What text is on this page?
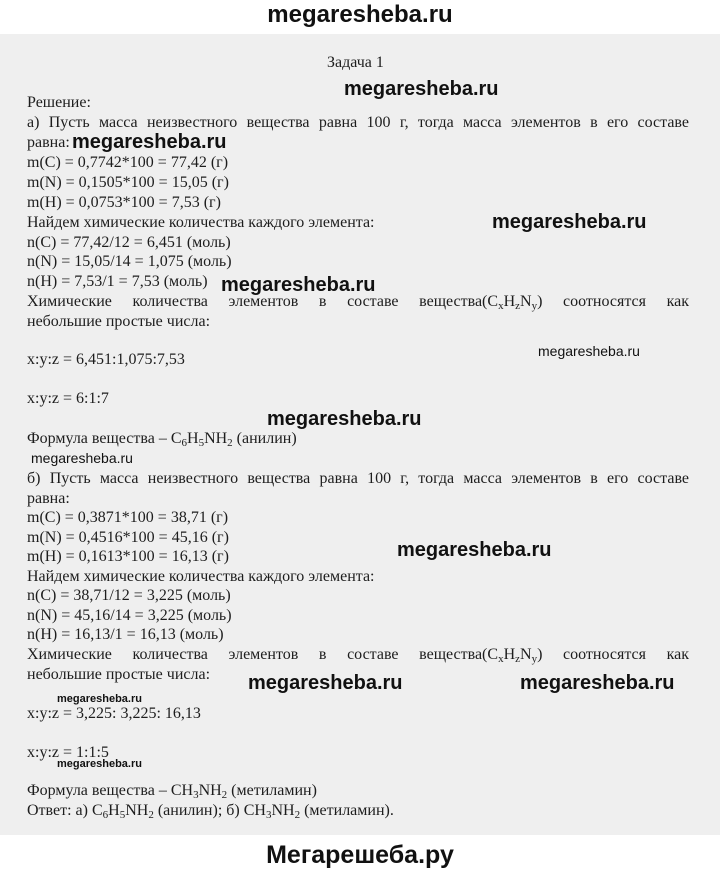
megaresheba.ru
Задача 1
Решение:
а) Пусть масса неизвестного вещества равна 100 г, тогда масса элементов в его составе
равна:
m(C) = 0,7742*100 = 77,42 (г)
m(N) = 0,1505*100 = 15,05 (г)
m(H) = 0,0753*100 = 7,53 (г)
Найдем химические количества каждого элемента:
n(C) = 77,42/12 = 6,451 (моль)
n(N) = 15,05/14 = 1,075 (моль)
n(H) = 7,53/1 = 7,53 (моль)
Химические количества элементов в составе $вещества(C_xH_zN_y)$ соотносятся как
небольшие простые числа:
x:y:z = 6,451:1,075:7,53
x:y:z = 6:1:7
Формула вещества – $C_6H_5NH_2$ (анилин)
б) Пусть масса неизвестного вещества равна 100 г, тогда масса элементов в его составе
равна:
m(C) = 0,3871*100 = 38,71 (г)
m(N) = 0,4516*100 = 45,16 (г)
m(H) = 0,1613*100 = 16,13 (г)
Найдем химические количества каждого элемента:
n(C) = 38,71/12 = 3,225 (моль)
n(N) = 45,16/14 = 3,225 (моль)
n(H) = 16,13/1 = 16,13 (моль)
Химические количества элементов в составе $вещества(C_xH_zN_y)$ соотносятся как
небольшие простые числа:
x:y:z = 3,225: 3,225: 16,13
x:y:z = 1:1:5
Формула вещества – $CH_3NH_2$ (метиламин)
Ответ: а) $C_6H_5NH_2$ (анилин); б) $CH_3NH_2$ (метиламин).
megaresheba.ru
megaresheba.ru
megaresheba.ru
megaresheba.ru
megaresheba.ru
megaresheba.ru
megaresheba.ru
megaresheba.ru
megaresheba.ru	megaresheba.ru
megaresheba.ru
megaresheba.ru
Мегарешеба.ру
